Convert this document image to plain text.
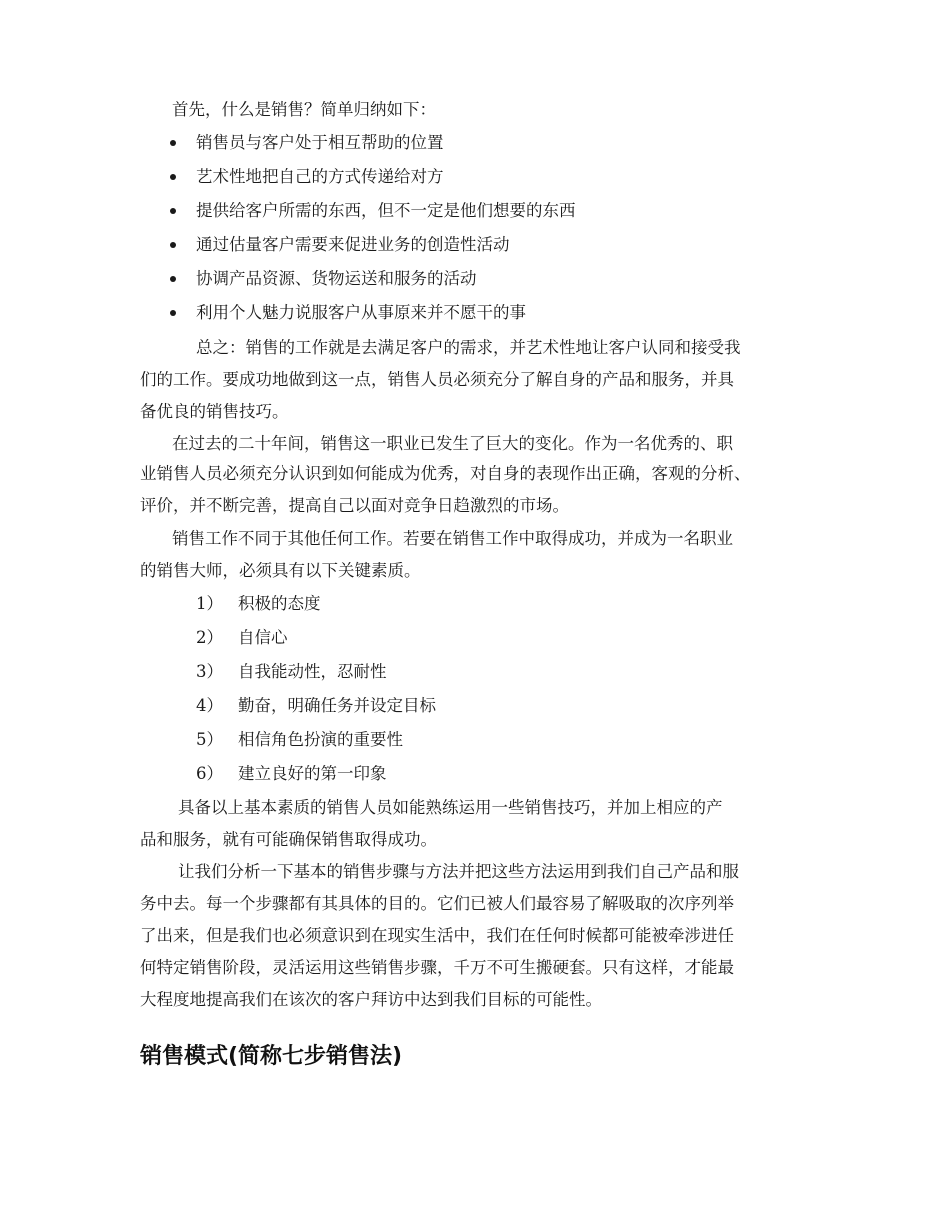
首先，什么是销售？简单归纳如下：
销售员与客户处于相互帮助的位置
艺术性地把自己的方式传递给对方
提供给客户所需的东西，但不一定是他们想要的东西
通过估量客户需要来促进业务的创造性活动
协调产品资源、货物运送和服务的活动
利用个人魅力说服客户从事原来并不愿干的事
总之：销售的工作就是去满足客户的需求，并艺术性地让客户认同和接受我
们的工作。要成功地做到这一点，销售人员必须充分了解自身的产品和服务，并具
备优良的销售技巧。
在过去的二十年间，销售这一职业已发生了巨大的变化。作为一名优秀的、职
业销售人员必须充分认识到如何能成为优秀，对自身的表现作出正确，客观的分析、
评价，并不断完善，提高自己以面对竞争日趋激烈的市场。
销售工作不同于其他任何工作。若要在销售工作中取得成功，并成为一名职业
的销售大师，必须具有以下关键素质。
1） 积极的态度
2） 自信心
3） 自我能动性，忍耐性
4） 勤奋，明确任务并设定目标
5） 相信角色扮演的重要性
6） 建立良好的第一印象
具备以上基本素质的销售人员如能熟练运用一些销售技巧，并加上相应的产
品和服务，就有可能确保销售取得成功。
让我们分析一下基本的销售步骤与方法并把这些方法运用到我们自己产品和服
务中去。每一个步骤都有其具体的目的。它们已被人们最容易了解吸取的次序列举
了出来，但是我们也必须意识到在现实生活中，我们在任何时候都可能被牵涉进任
何特定销售阶段，灵活运用这些销售步骤，千万不可生搬硬套。只有这样，才能最
大程度地提高我们在该次的客户拜访中达到我们目标的可能性。
销售模式(简称七步销售法)
